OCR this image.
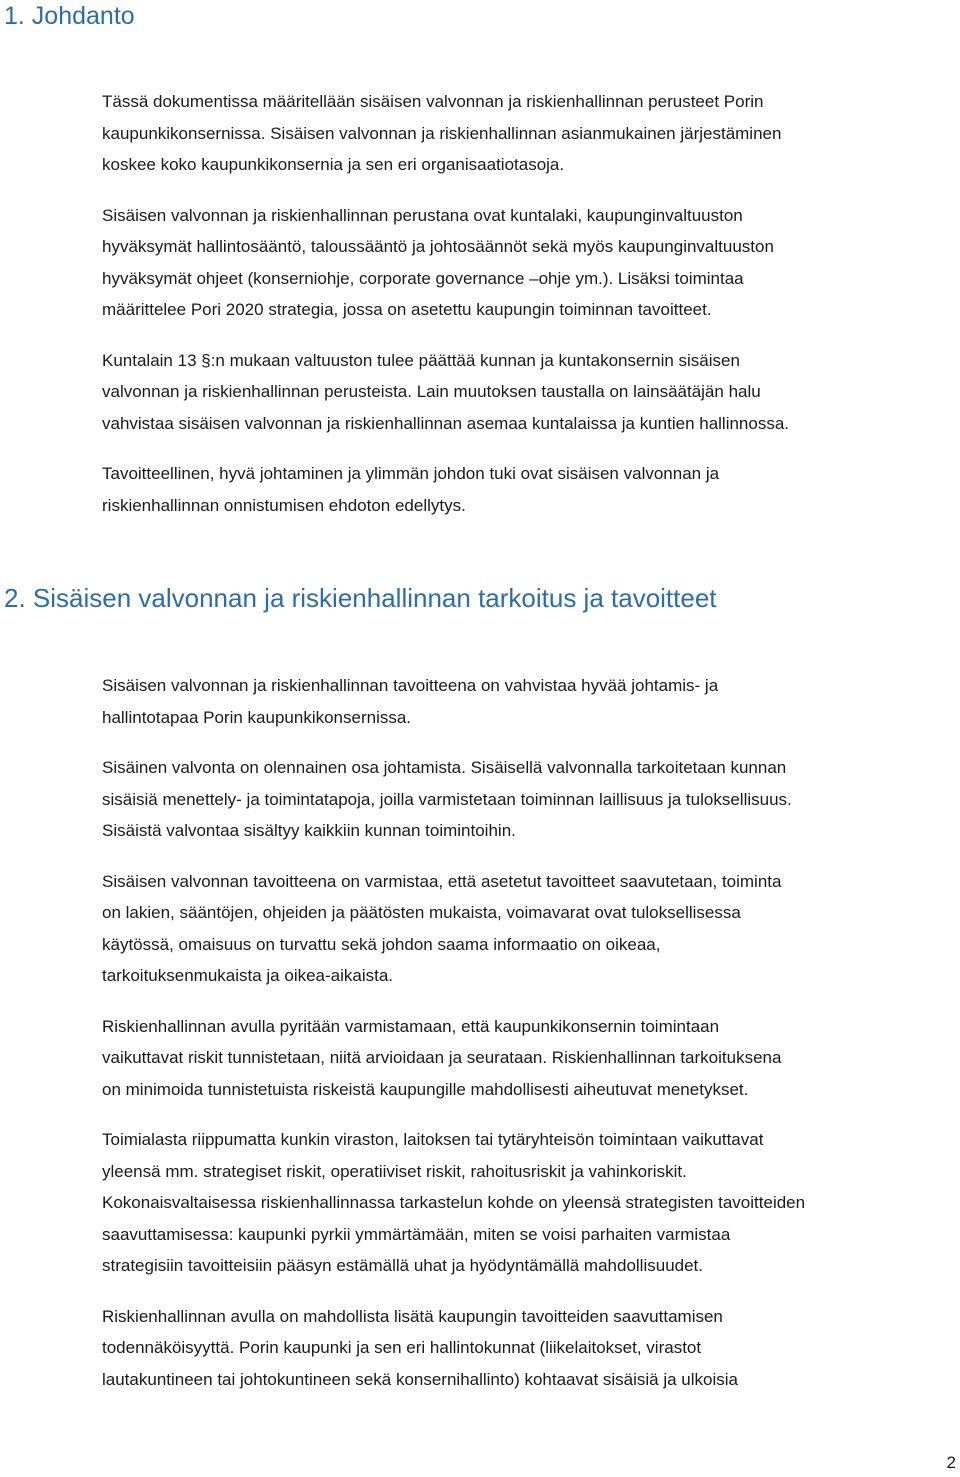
1. Johdanto

Tässä dokumentissa määritellään sisäisen valvonnan ja riskienhallinnan perusteet Porin
kaupunkikonsernissa. Sisäisen valvonnan ja riskienhallinnan asianmukainen järjestäminen
koskee koko kaupunkikonsernia ja sen eri organisaatiotasoja.

Sisäisen valvonnan ja riskienhallinnan perustana ovat kuntalaki, kaupunginvaltuuston
hyväksymät hallintosääntö, taloussääntö ja johtosäännöt sekä myös kaupunginvaltuuston
hyväksymät ohjeet (konserniohje, corporate governance –ohje ym.). Lisäksi toimintaa
määrittelee Pori 2020 strategia, jossa on asetettu kaupungin toiminnan tavoitteet.

Kuntalain 13 §:n mukaan valtuuston tulee päättää kunnan ja kuntakonsernin sisäisen
valvonnan ja riskienhallinnan perusteista. Lain muutoksen taustalla on lainsäätäjän halu
vahvistaa sisäisen valvonnan ja riskienhallinnan asemaa kuntalaissa ja kuntien hallinnossa.

Tavoitteellinen, hyvä johtaminen ja ylimmän johdon tuki ovat sisäisen valvonnan ja
riskienhallinnan onnistumisen ehdoton edellytys.

2. Sisäisen valvonnan ja riskienhallinnan tarkoitus ja tavoitteet

Sisäisen valvonnan ja riskienhallinnan tavoitteena on vahvistaa hyvää johtamis- ja
hallintotapaa Porin kaupunkikonsernissa.

Sisäinen valvonta on olennainen osa johtamista. Sisäisellä valvonnalla tarkoitetaan kunnan
sisäisiä menettely- ja toimintatapoja, joilla varmistetaan toiminnan laillisuus ja tuloksellisuus.
Sisäistä valvontaa sisältyy kaikkiin kunnan toimintoihin.

Sisäisen valvonnan tavoitteena on varmistaa, että asetetut tavoitteet saavutetaan, toiminta
on lakien, sääntöjen, ohjeiden ja päätösten mukaista, voimavarat ovat tuloksellisessa
käytössä, omaisuus on turvattu sekä johdon saama informaatio on oikeaa,
tarkoituksenmukaista ja oikea-aikaista.

Riskienhallinnan avulla pyritään varmistamaan, että kaupunkikonsernin toimintaan
vaikuttavat riskit tunnistetaan, niitä arvioidaan ja seurataan. Riskienhallinnan tarkoituksena
on minimoida tunnistetuista riskeistä kaupungille mahdollisesti aiheutuvat menetykset.

Toimialasta riippumatta kunkin viraston, laitoksen tai tytäryhteisön toimintaan vaikuttavat
yleensä mm. strategiset riskit, operatiiviset riskit, rahoitusriskit ja vahinkoriskit.
Kokonaisvaltaisessa riskienhallinnassa tarkastelun kohde on yleensä strategisten tavoitteiden
saavuttamisessa: kaupunki pyrkii ymmärtämään, miten se voisi parhaiten varmistaa
strategisiin tavoitteisiin pääsyn estämällä uhat ja hyödyntämällä mahdollisuudet.

Riskienhallinnan avulla on mahdollista lisätä kaupungin tavoitteiden saavuttamisen
todennäköisyyttä. Porin kaupunki ja sen eri hallintokunnat (liikelaitokset, virastot
lautakuntineen tai johtokuntineen sekä konsernihallinto) kohtaavat sisäisiä ja ulkoisia

2
